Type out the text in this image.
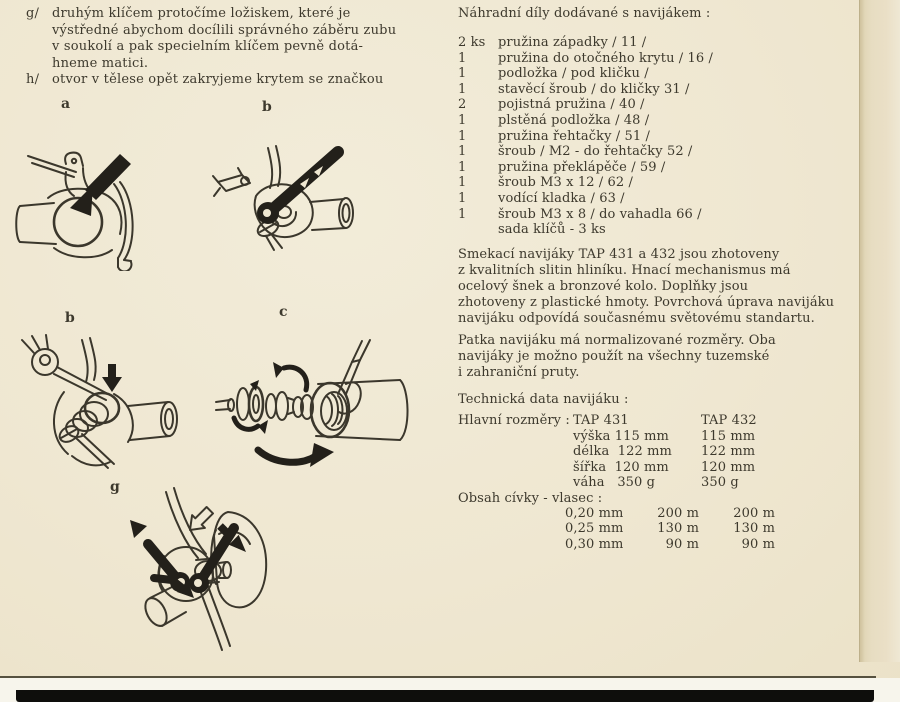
g/ druhým klíčem protočíme ložiskem, které je
výstředné abychom docílili správného záběru zubu
v soukolí a pak specielním klíčem pevně dotá-
hneme matici.
h/ otvor v tělese opět zakryjeme krytem se značkou
a	b
b	c
g
Náhradní díly dodávané s navijákem :
2 ks pružina západky / 11 /
1	pružina do otočného krytu / 16 /
1	podložka / pod kličku /
1	stavěcí šroub / do kličky 31 /
2	pojistná pružina / 40 /
1	plstěná podložka / 48 /
1	pružina řehtačky / 51 /
1	šroub / M2 - do řehtačky 52 /
1	pružina překlápěče / 59 /
1	šroub M3 x 12 / 62 /
1	vodící kladka / 63 /
1	šroub M3 x 8 / do vahadla 66 /
sada klíčů - 3 ks
Smekací navijáky TAP 431 a 432 jsou zhotoveny
z kvalitních slitin hliníku. Hnací mechanismus má
ocelový šnek a bronzové kolo. Doplňky jsou
zhotoveny z plastické hmoty. Povrchová úprava navijáku
navijáku odpovídá současnému světovému standartu.
Patka navijáku má normalizované rozměry. Oba
navijáky je možno použít na všechny tuzemské
i zahraniční pruty.
Technická data navijáku :
Hlavní rozměry : TAP 431	TAP 432
výška 115 mm	115 mm
délka  122 mm	122 mm
šířka  120 mm	120 mm
váha   350 g	350 g
Obsah cívky - vlasec :
0,20 mm	200 m	200 m
0,25 mm	130 m	130 m
0,30 mm	90 m	90 m
